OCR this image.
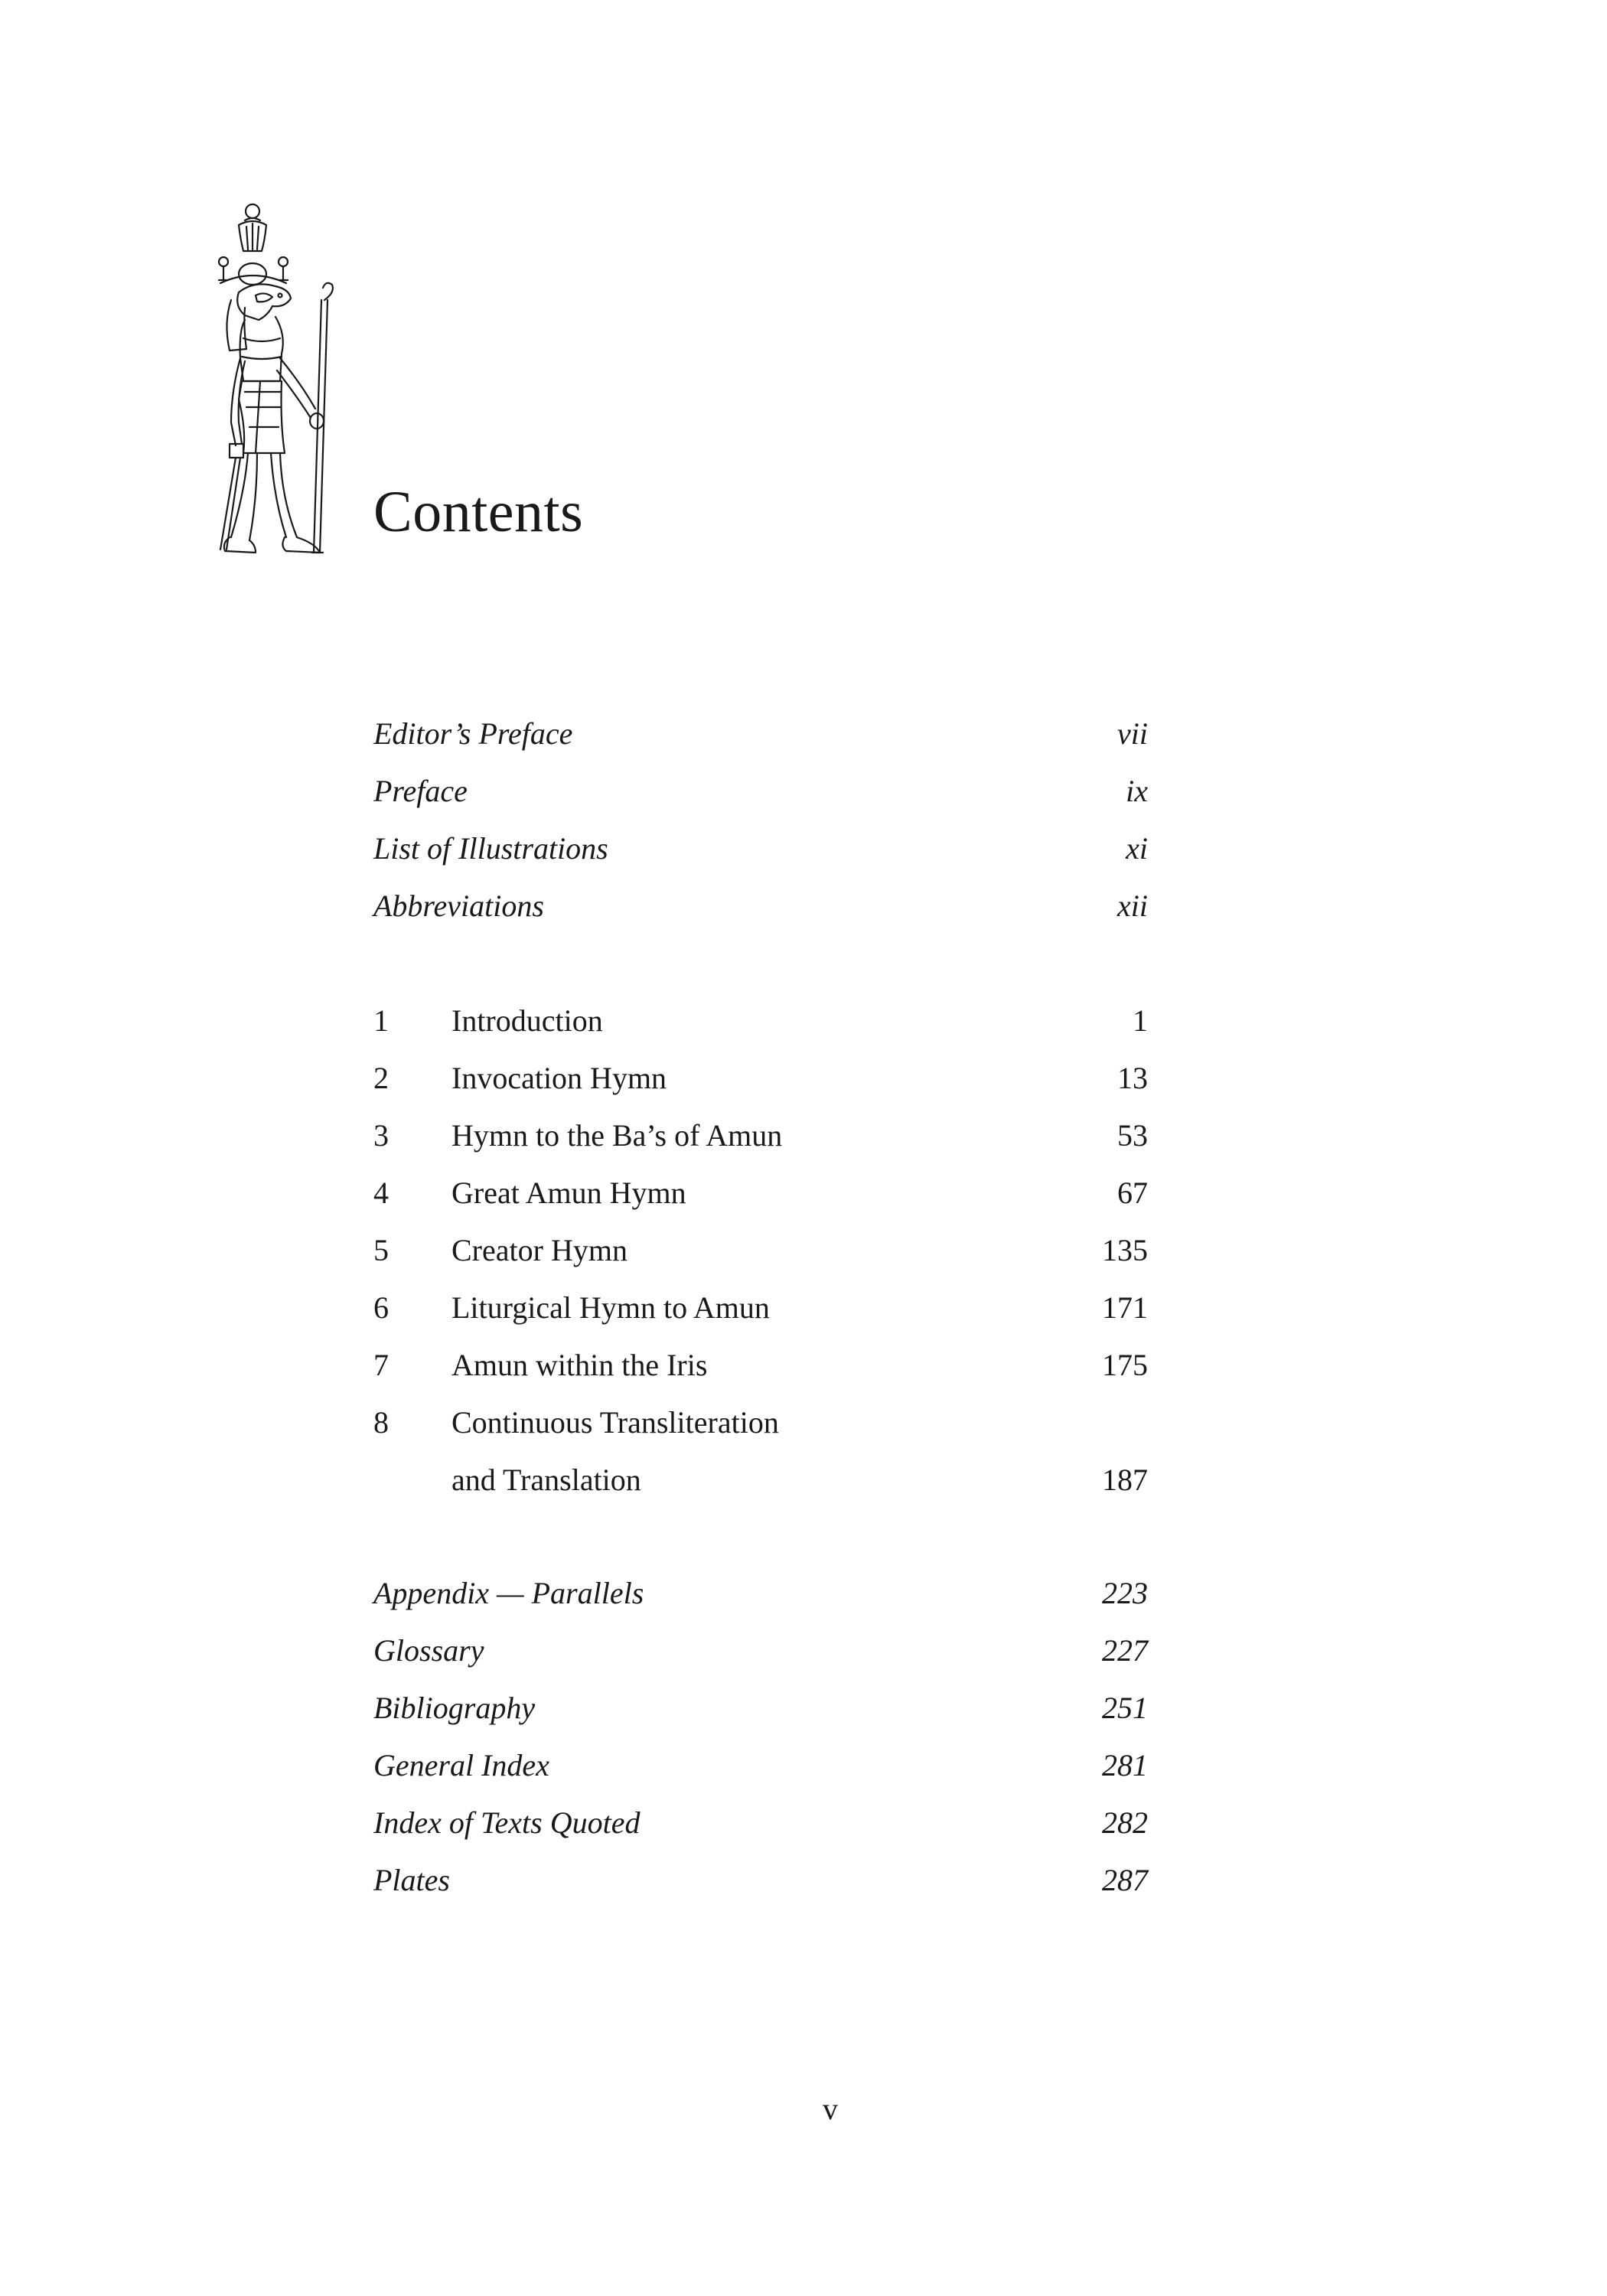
Contents
Editor’s Preface	vii
Preface	ix
List of Illustrations	xi
Abbreviations	xii
1 Introduction	1
2 Invocation Hymn	13
3 Hymn to the Ba’s of Amun	53
4 Great Amun Hymn	67
5 Creator Hymn	135
6 Liturgical Hymn to Amun	171
7 Amun within the Iris	175
8 Continuous Transliteration
and Translation	187
Appendix — Parallels	223
Glossary	227
Bibliography	251
General Index	281
Index of Texts Quoted	282
Plates	287
v
